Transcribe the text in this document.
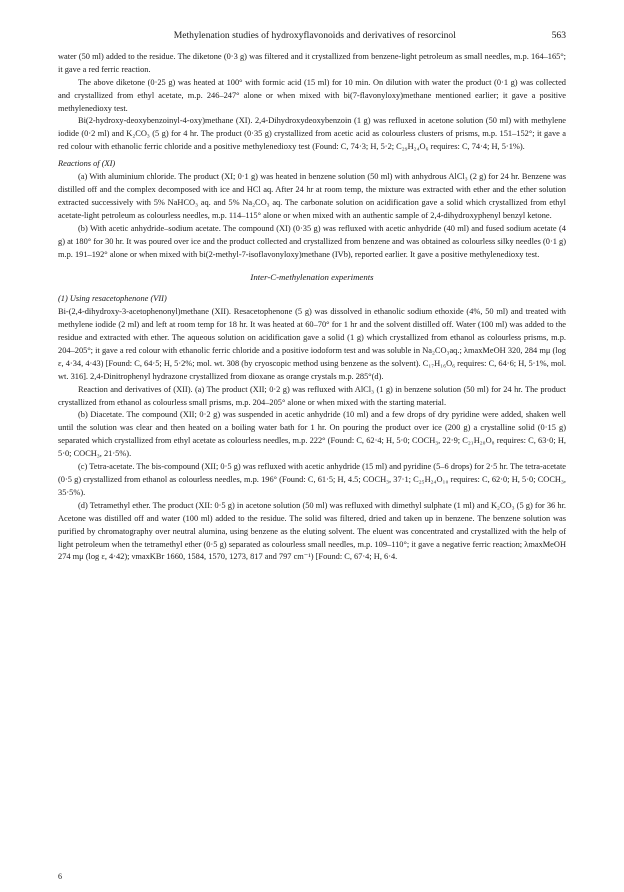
Methylenation studies of hydroxyflavonoids and derivatives of resorcinol	563

water (50 ml) added to the residue. The diketone (0·3 g) was filtered and it crystallized from benzene-light petroleum as small needles, m.p. 164–165°; it gave a red ferric reaction.

The above diketone (0·25 g) was heated at 100° with formic acid (15 ml) for 10 min. On dilution with water the product (0·1 g) was collected and crystallized from ethyl acetate, m.p. 246–247° alone or when mixed with bi(7-flavonyloxy)methane mentioned earlier; it gave a positive methylenedioxy test.

Bi(2-hydroxy-deoxybenzoinyl-4-oxy)methane (XI). 2,4-Dihydroxydeoxybenzoin (1 g) was refluxed in acetone solution (50 ml) with methylene iodide (0·2 ml) and K₂CO₃ (5 g) for 4 hr. The product (0·35 g) crystallized from acetic acid as colourless clusters of prisms, m.p. 151–152°; it gave a red colour with ethanolic ferric chloride and a positive methylenedioxy test (Found: C, 74·3; H, 5·2; C₂₉H₂₄O₆ requires: C, 74·4; H, 5·1%).

Reactions of (XI)

(a) With aluminium chloride. The product (XI; 0·1 g) was heated in benzene solution (50 ml) with anhydrous AlCl₃ (2 g) for 24 hr. Benzene was distilled off and the complex decomposed with ice and HCl aq. After 24 hr at room temp, the mixture was extracted with ether and the ether solution extracted successively with 5% NaHCO₃ aq. and 5% Na₂CO₃ aq. The carbonate solution on acidification gave a solid which crystallized from ethyl acetate-light petroleum as colourless needles, m.p. 114–115° alone or when mixed with an authentic sample of 2,4-dihydroxyphenyl benzyl ketone.

(b) With acetic anhydride–sodium acetate. The compound (XI) (0·35 g) was refluxed with acetic anhydride (40 ml) and fused sodium acetate (4 g) at 180° for 30 hr. It was poured over ice and the product collected and crystallized from benzene and was obtained as colourless silky needles (0·1 g) m.p. 191–192° alone or when mixed with bi(2-methyl-7-isoflavonyloxy)methane (IVb), reported earlier. It gave a positive methylenedioxy test.

Inter-C-methylenation experiments

(1) Using resacetophenone (VII)

Bi-(2,4-dihydroxy-3-acetophenonyl)methane (XII). Resacetophenone (5 g) was dissolved in ethanolic sodium ethoxide (4%, 50 ml) and treated with methylene iodide (2 ml) and left at room temp for 18 hr. It was heated at 60–70° for 1 hr and the solvent distilled off. Water (100 ml) was added to the residue and extracted with ether. The aqueous solution on acidification gave a solid (1 g) which crystallized from ethanol as colourless prisms, m.p. 204–205°; it gave a red colour with ethanolic ferric chloride and a positive iodoform test and was soluble in Na₂CO₃aq.; λmaxMeOH 320, 284 mμ (log ε, 4·34, 4·43) [Found: C, 64·5; H, 5·2%; mol. wt. 308 (by cryoscopic method using benzene as the solvent). C₁₇H₁₆O₆ requires: C, 64·6; H, 5·1%, mol. wt. 316]. 2,4-Dinitrophenyl hydrazone crystallized from dioxane as orange crystals m.p. 285°(d).

Reaction and derivatives of (XII). (a) The product (XII; 0·2 g) was refluxed with AlCl₃ (1 g) in benzene solution (50 ml) for 24 hr. The product crystallized from ethanol as colourless small prisms, m.p. 204–205° alone or when mixed with the starting material.

(b) Diacetate. The compound (XII; 0·2 g) was suspended in acetic anhydride (10 ml) and a few drops of dry pyridine were added, shaken well until the solution was clear and then heated on a boiling water bath for 1 hr. On pouring the product over ice (200 g) a crystalline solid (0·15 g) separated which crystallized from ethyl acetate as colourless needles, m.p. 222° (Found: C, 62·4; H, 5·0; COCH₃, 22·9; C₂₁H₂₀O₈ requires: C, 63·0; H, 5·0; COCH₃, 21·5%).

(c) Tetra-acetate. The bis-compound (XII; 0·5 g) was refluxed with acetic anhydride (15 ml) and pyridine (5–6 drops) for 2·5 hr. The tetra-acetate (0·5 g) crystallized from ethanol as colourless needles, m.p. 196° (Found: C, 61·5; H, 4.5; COCH₃, 37·1; C₂₅H₂₄O₁₀ requires: C, 62·0; H, 5·0; COCH₃, 35·5%).

(d) Tetramethyl ether. The product (XII: 0·5 g) in acetone solution (50 ml) was refluxed with dimethyl sulphate (1 ml) and K₂CO₃ (5 g) for 36 hr. Acetone was distilled off and water (100 ml) added to the residue. The solid was filtered, dried and taken up in benzene. The benzene solution was purified by chromatography over neutral alumina, using benzene as the eluting solvent. The eluent was concentrated and crystallized with the help of light petroleum when the tetramethyl ether (0·5 g) separated as colourless small needles, m.p. 109–110°; it gave a negative ferric reaction; λmaxMeOH 274 mμ (log ε, 4·42); νmaxKBr 1660, 1584, 1570, 1273, 817 and 797 cm⁻¹) [Found: C, 67·4; H, 6·4.

6
